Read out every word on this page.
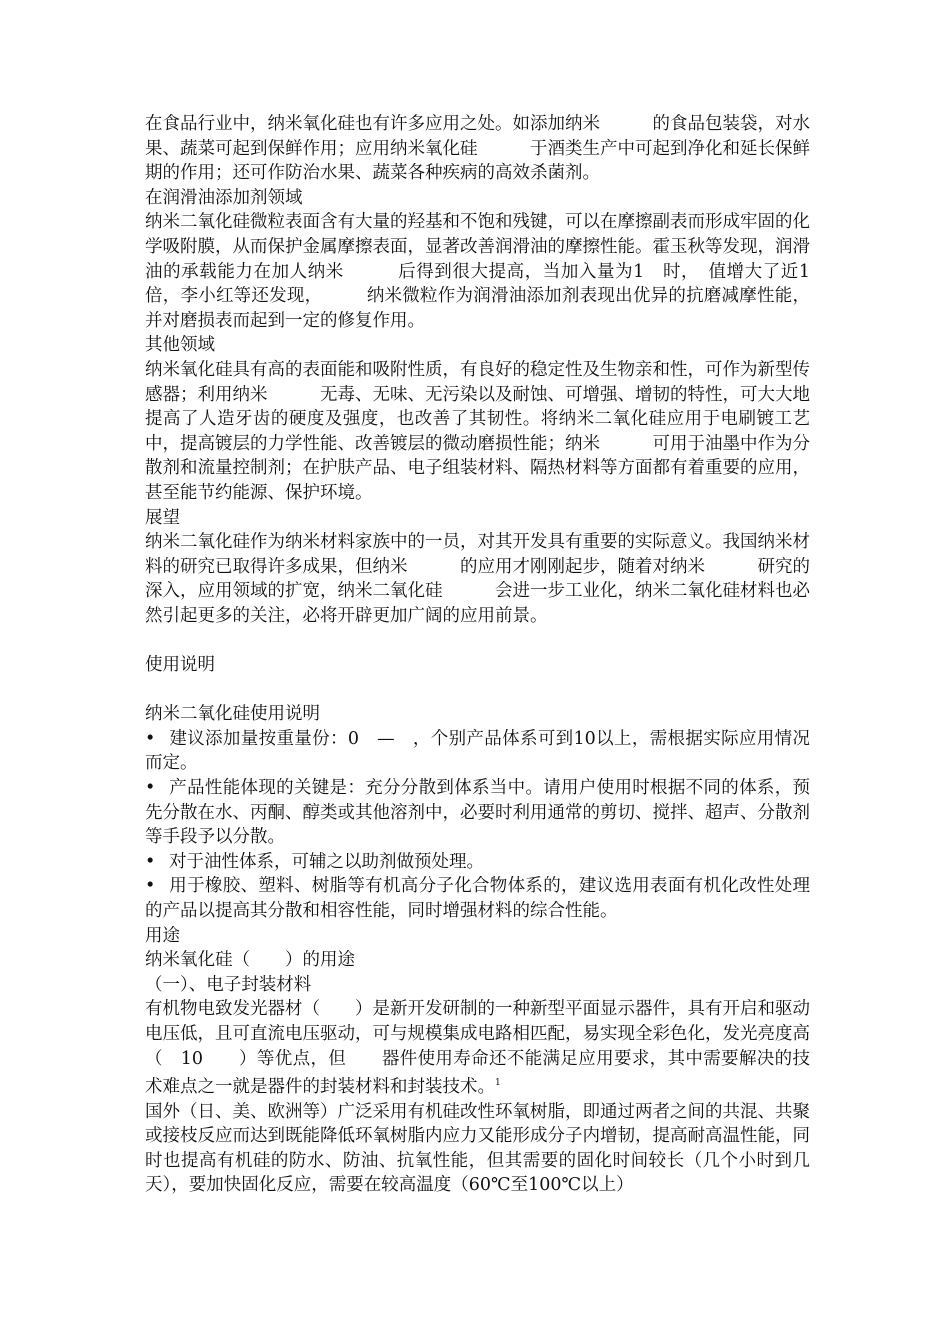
在食品行业中，纳米氧化硅也有许多应用之处。如添加纳米　　　的食品包装袋，对水果、蔬菜可起到保鲜作用；应用纳米氧化硅　　　于酒类生产中可起到净化和延长保鲜期的作用；还可作防治水果、蔬菜各种疾病的高效杀菌剂。

在润滑油添加剂领域

纳米二氧化硅微粒表面含有大量的羟基和不饱和残键，可以在摩擦副表而形成牢固的化学吸附膜，从而保护金属摩擦表面，显著改善润滑油的摩擦性能。霍玉秋等发现，润滑油的承载能力在加人纳米　　　后得到很大提高，当加入量为1　时，　值增大了近1倍，李小红等还发现，　　　纳米微粒作为润滑油添加剂表现出优异的抗磨减摩性能，并对磨损表而起到一定的修复作用。

其他领域

纳米氧化硅具有高的表面能和吸附性质，有良好的稳定性及生物亲和性，可作为新型传感器；利用纳米　　　无毒、无味、无污染以及耐蚀、可增强、增韧的特性，可大大地提高了人造牙齿的硬度及强度，也改善了其韧性。将纳米二氧化硅应用于电刷镀工艺中，提高镀层的力学性能、改善镀层的微动磨损性能；纳米　　　可用于油墨中作为分散剂和流量控制剂；在护肤产品、电子组装材料、隔热材料等方面都有着重要的应用，甚至能节约能源、保护环境。

展望

纳米二氧化硅作为纳米材料家族中的一员，对其开发具有重要的实际意义。我国纳米材料的研究已取得许多成果，但纳米　　　的应用才刚刚起步，随着对纳米　　　研究的深入，应用领域的扩宽，纳米二氧化硅　　　会进一步工业化，纳米二氧化硅材料也必然引起更多的关注，必将开辟更加广阔的应用前景。

使用说明

纳米二氧化硅使用说明

• 建议添加量按重量份：0　—　，个别产品体系可到10以上，需根据实际应用情况而定。

• 产品性能体现的关键是：充分分散到体系当中。请用户使用时根据不同的体系，预先分散在水、丙酮、醇类或其他溶剂中，必要时利用通常的剪切、搅拌、超声、分散剂等手段予以分散。

• 对于油性体系，可辅之以助剂做预处理。

• 用于橡胶、塑料、树脂等有机高分子化合物体系的，建议选用表面有机化改性处理的产品以提高其分散和相容性能，同时增强材料的综合性能。

用途

纳米氧化硅（　　）的用途

（一）、电子封装材料

有机物电致发光器材（　　）是新开发研制的一种新型平面显示器件，具有开启和驱动电压低，且可直流电压驱动，可与规模集成电路相匹配，易实现全彩色化，发光亮度高（　10　　）等优点，但　　器件使用寿命还不能满足应用要求，其中需要解决的技术难点之一就是器件的封装材料和封装技术。$^1$

国外（日、美、欧洲等）广泛采用有机硅改性环氧树脂，即通过两者之间的共混、共聚或接枝反应而达到既能降低环氧树脂内应力又能形成分子内增韧，提高耐高温性能，同时也提高有机硅的防水、防油、抗氧性能，但其需要的固化时间较长（几个小时到几天），要加快固化反应，需要在较高温度（60℃至100℃以上）
